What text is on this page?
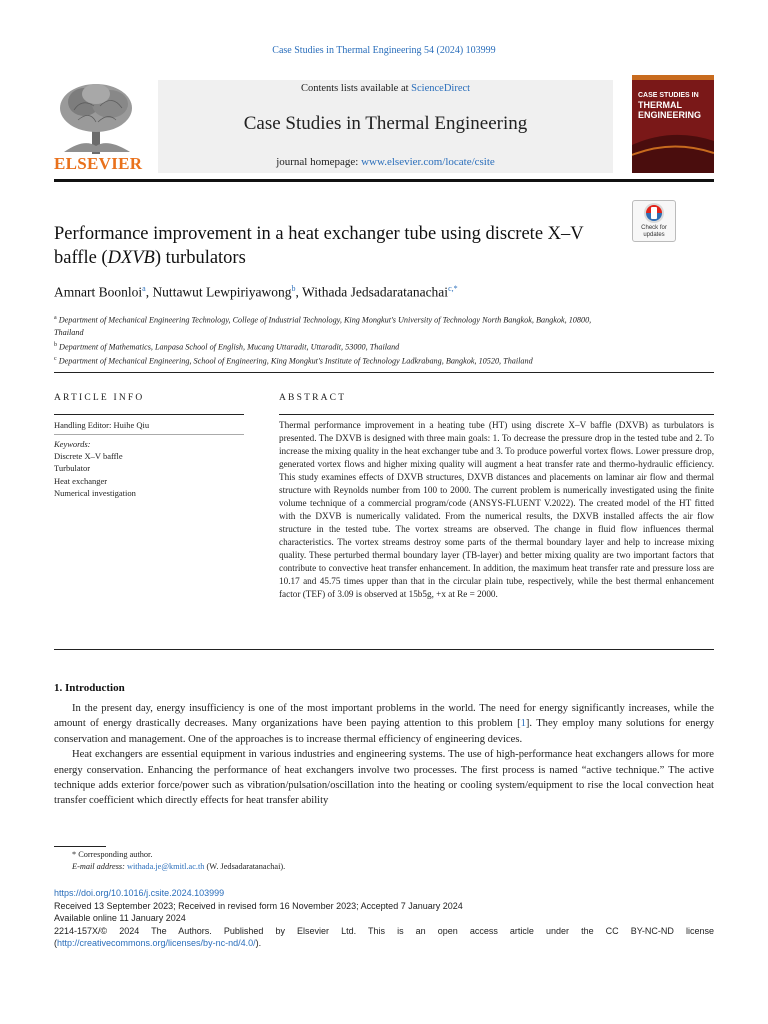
Case Studies in Thermal Engineering 54 (2024) 103999
ELSEVIER
Contents lists available at ScienceDirect
Case Studies in Thermal Engineering
journal homepage: www.elsevier.com/locate/csite
CASE STUDIES IN
THERMAL
ENGINEERING
Performance improvement in a heat exchanger tube using discrete X–V baffle (DXVB) turbulators
Check for updates
Amnart Boonloi$^a$, Nuttawut Lewpiriyawong$^b$, Withada Jedsadaratanachai$^{c,*}$
$^a$ Department of Mechanical Engineering Technology, College of Industrial Technology, King Mongkut's University of Technology North Bangkok, Bangkok, 10800, Thailand
$^b$ Department of Mathematics, Lanpasa School of English, Mucang Uttaradit, Uttaradit, 53000, Thailand
$^c$ Department of Mechanical Engineering, School of Engineering, King Mongkut's Institute of Technology Ladkrabang, Bangkok, 10520, Thailand
ARTICLE INFO
Handling Editor: Huihe Qiu
Keywords:
Discrete X–V baffle
Turbulator
Heat exchanger
Numerical investigation
ABSTRACT
Thermal performance improvement in a heating tube (HT) using discrete X–V baffle (DXVB) as turbulators is presented. The DXVB is designed with three main goals: 1. To decrease the pressure drop in the tested tube and 2. To increase the mixing quality in the heat exchanger tube and 3. To produce powerful vortex flows. Lower pressure drop, generated vortex flows and higher mixing quality will augment a heat transfer rate and thermo-hydraulic efficiency. This study examines effects of DXVB structures, DXVB distances and placements on laminar air flow and thermal structure with Reynolds number from 100 to 2000. The current problem is numerically investigated using the finite volume technique of a commercial program/code (ANSYS-FLUENT V.2022). The created model of the HT fitted with the DXVB is numerically validated. From the numerical results, the DXVB installed affects the air flow structure in the tested tube. The vortex streams are observed. The change in fluid flow influences thermal characteristics. The vortex streams destroy some parts of the thermal boundary layer and help to increase mixing quality. These perturbed thermal boundary layer (TB-layer) and better mixing quality are two important factors that contribute to convective heat transfer enhancement. In addition, the maximum heat transfer rate and pressure loss are 10.17 and 45.75 times upper than that in the circular plain tube, respectively, while the best thermal enhancement factor (TEF) of 3.09 is observed at 15b5g, +x at Re = 2000.
1. Introduction

In the present day, energy insufficiency is one of the most important problems in the world. The need for energy significantly increases, while the amount of energy drastically decreases. Many organizations have been paying attention to this problem [1]. They employ many solutions for energy conservation and management. One of the approaches is to increase thermal efficiency of engineering devices.

Heat exchangers are essential equipment in various industries and engineering systems. The use of high-performance heat exchangers allows for more energy conservation. Enhancing the performance of heat exchangers involve two processes. The first process is named “active technique.” The active technique adds exterior force/power such as vibration/pulsation/oscillation into the heating or cooling system/equipment to rise the local convection heat transfer coefficient which directly effects for heat transfer ability

* Corresponding author.
E-mail address: withada.je@kmitl.ac.th (W. Jedsadaratanachai).
https://doi.org/10.1016/j.csite.2024.103999
Received 13 September 2023; Received in revised form 16 November 2023; Accepted 7 January 2024
Available online 11 January 2024
2214-157X/© 2024 The Authors. Published by Elsevier Ltd. This is an open access article under the CC BY-NC-ND license
(http://creativecommons.org/licenses/by-nc-nd/4.0/).
